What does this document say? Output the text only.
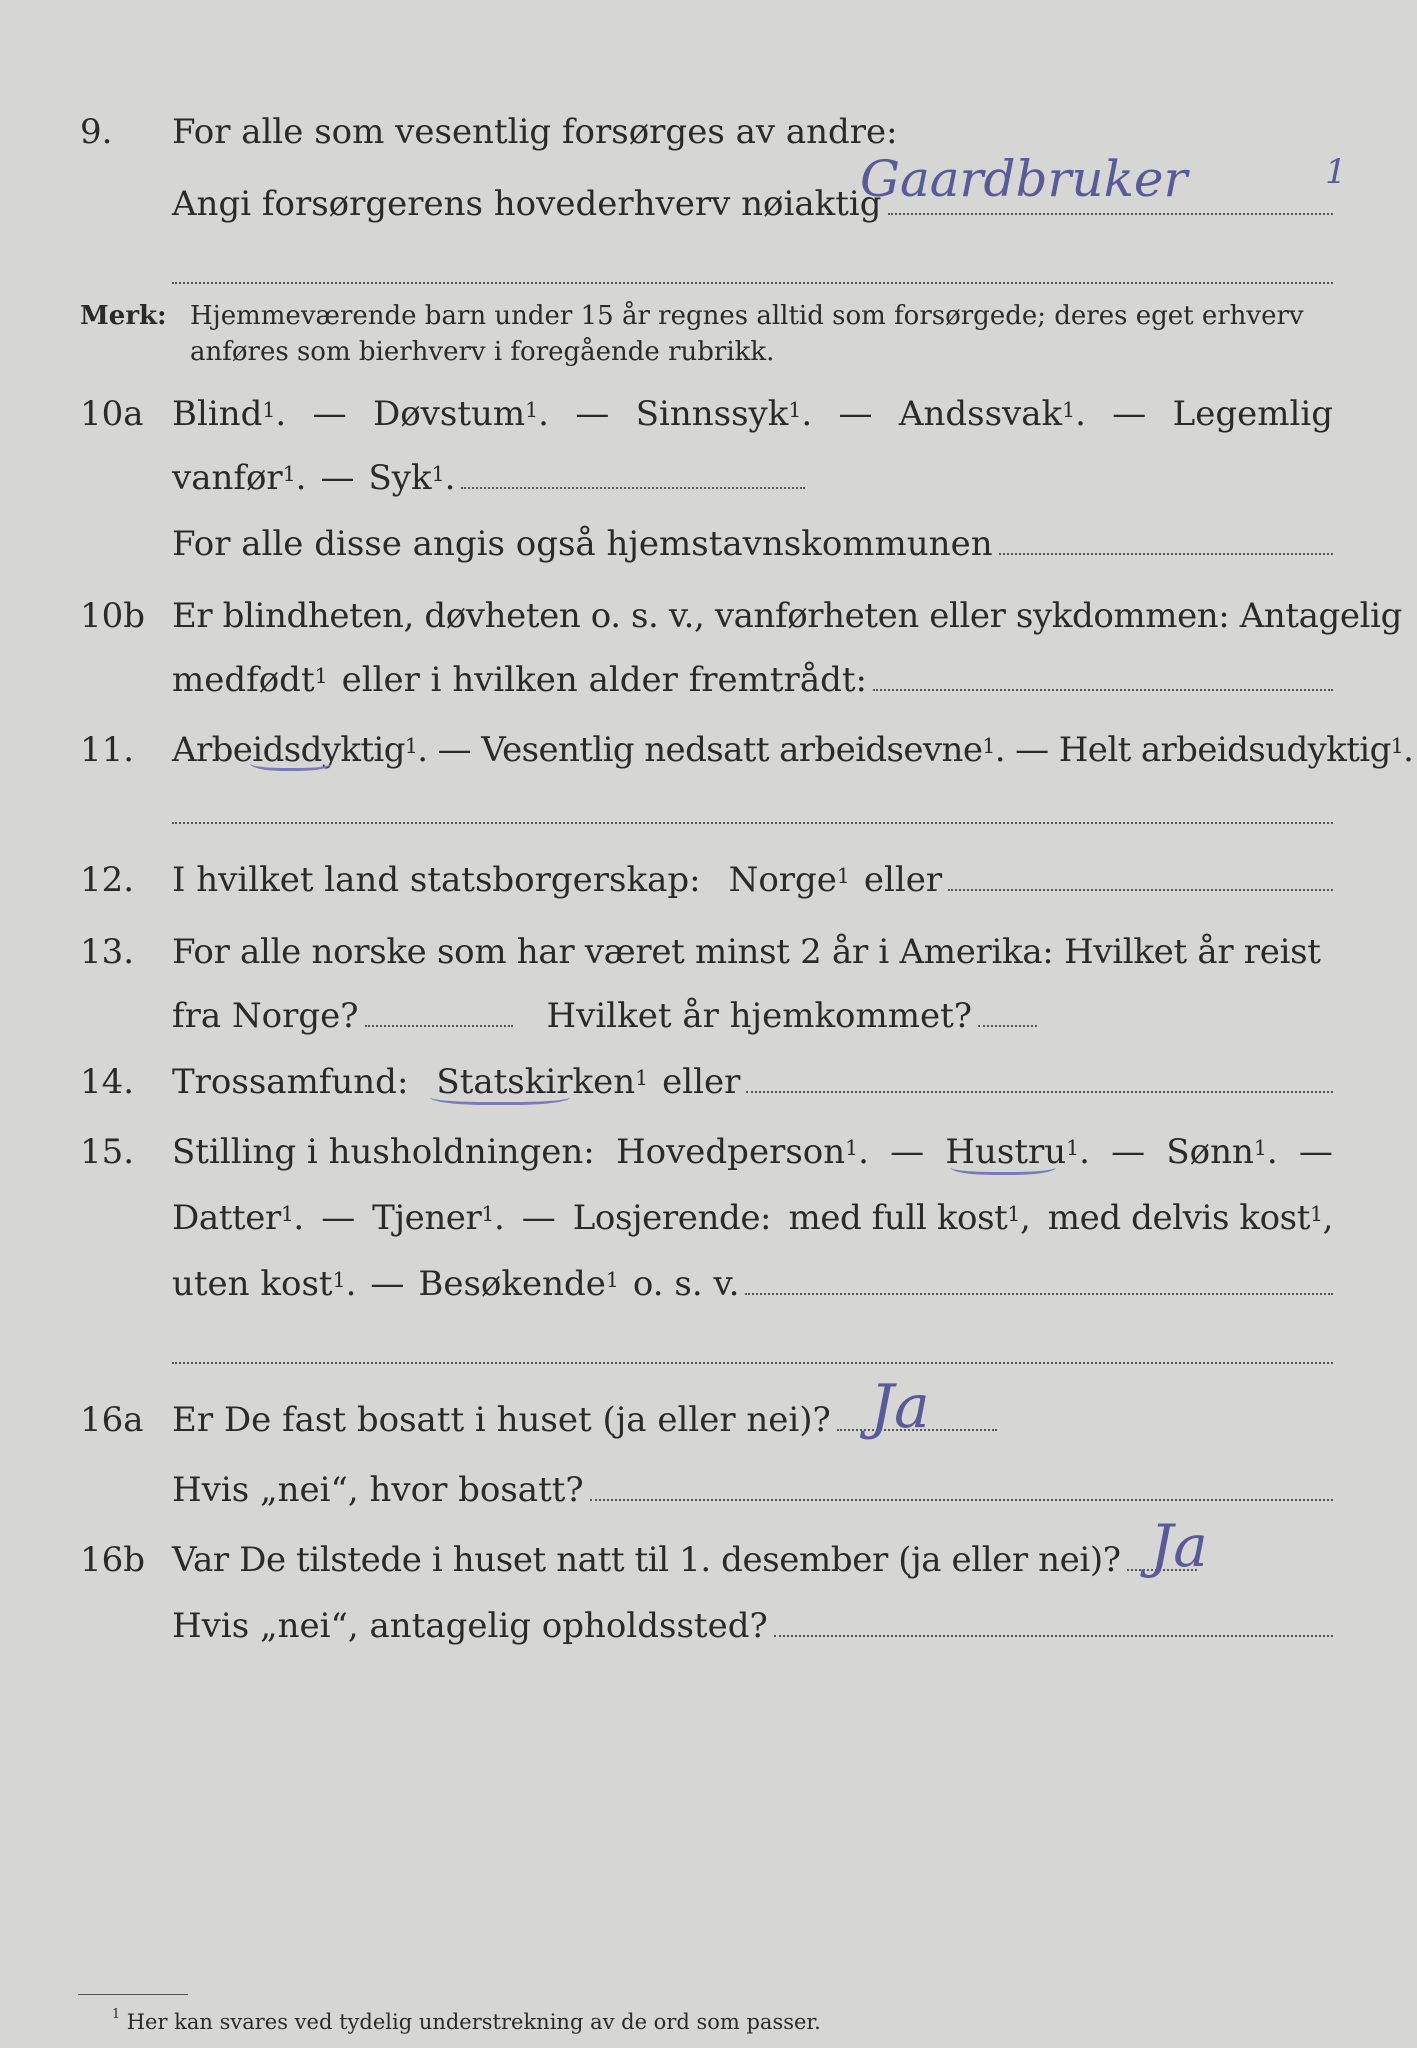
9.	For alle som vesentlig forsørges av andre:
Angi forsørgerens hovederhverv nøiaktig
Gaardbruker	1
Merk: Hjemmeværende barn under 15 år regnes alltid som forsørgede; deres eget erhverv
anføres som bierhverv i foregående rubrikk.
10a Blind$^1$. — Døvstum$^1$. — Sinnssyk$^1$. — Andssvak$^1$. — Legemlig
vanfør$^1$. — Syk$^1$.
For alle disse angis også hjemstavnskommunen
10b Er blindheten, døvheten o. s. v., vanførheten eller sykdommen: Antagelig
medfødt$^1$ eller i hvilken alder fremtrådt:
11.	Arbeidsdyktig$^1$ . — Vesentlig nedsatt arbeidsevne$^1$ . — Helt arbeidsudyktig$^1$.
12.	I hvilket land statsborgerskap: Norge$^1$ eller
13.	For alle norske som har været minst 2 år i Amerika: Hvilket år reist
fra Norge?	Hvilket år hjemkommet?
14.	Trossamfund: Statskirken$^1$ eller
15.	Stilling i husholdningen: Hovedperson$^1$. — Hustru$^1$. — Sønn$^1$. —
Datter$^1$. — Tjener$^1$. — Losjerende: med full kost$^1$, med delvis kost$^1$,
uten kost$^1$. — Besøkende$^1$ o. s. v.
16a Er De fast bosatt i huset (ja eller nei)? Ja
Hvis „nei“, hvor bosatt?
16b Var De tilstede i huset natt til 1. desember (ja eller nei)? Ja
Hvis „nei“, antagelig opholdssted?
$^1$ Her kan svares ved tydelig understrekning av de ord som passer.
